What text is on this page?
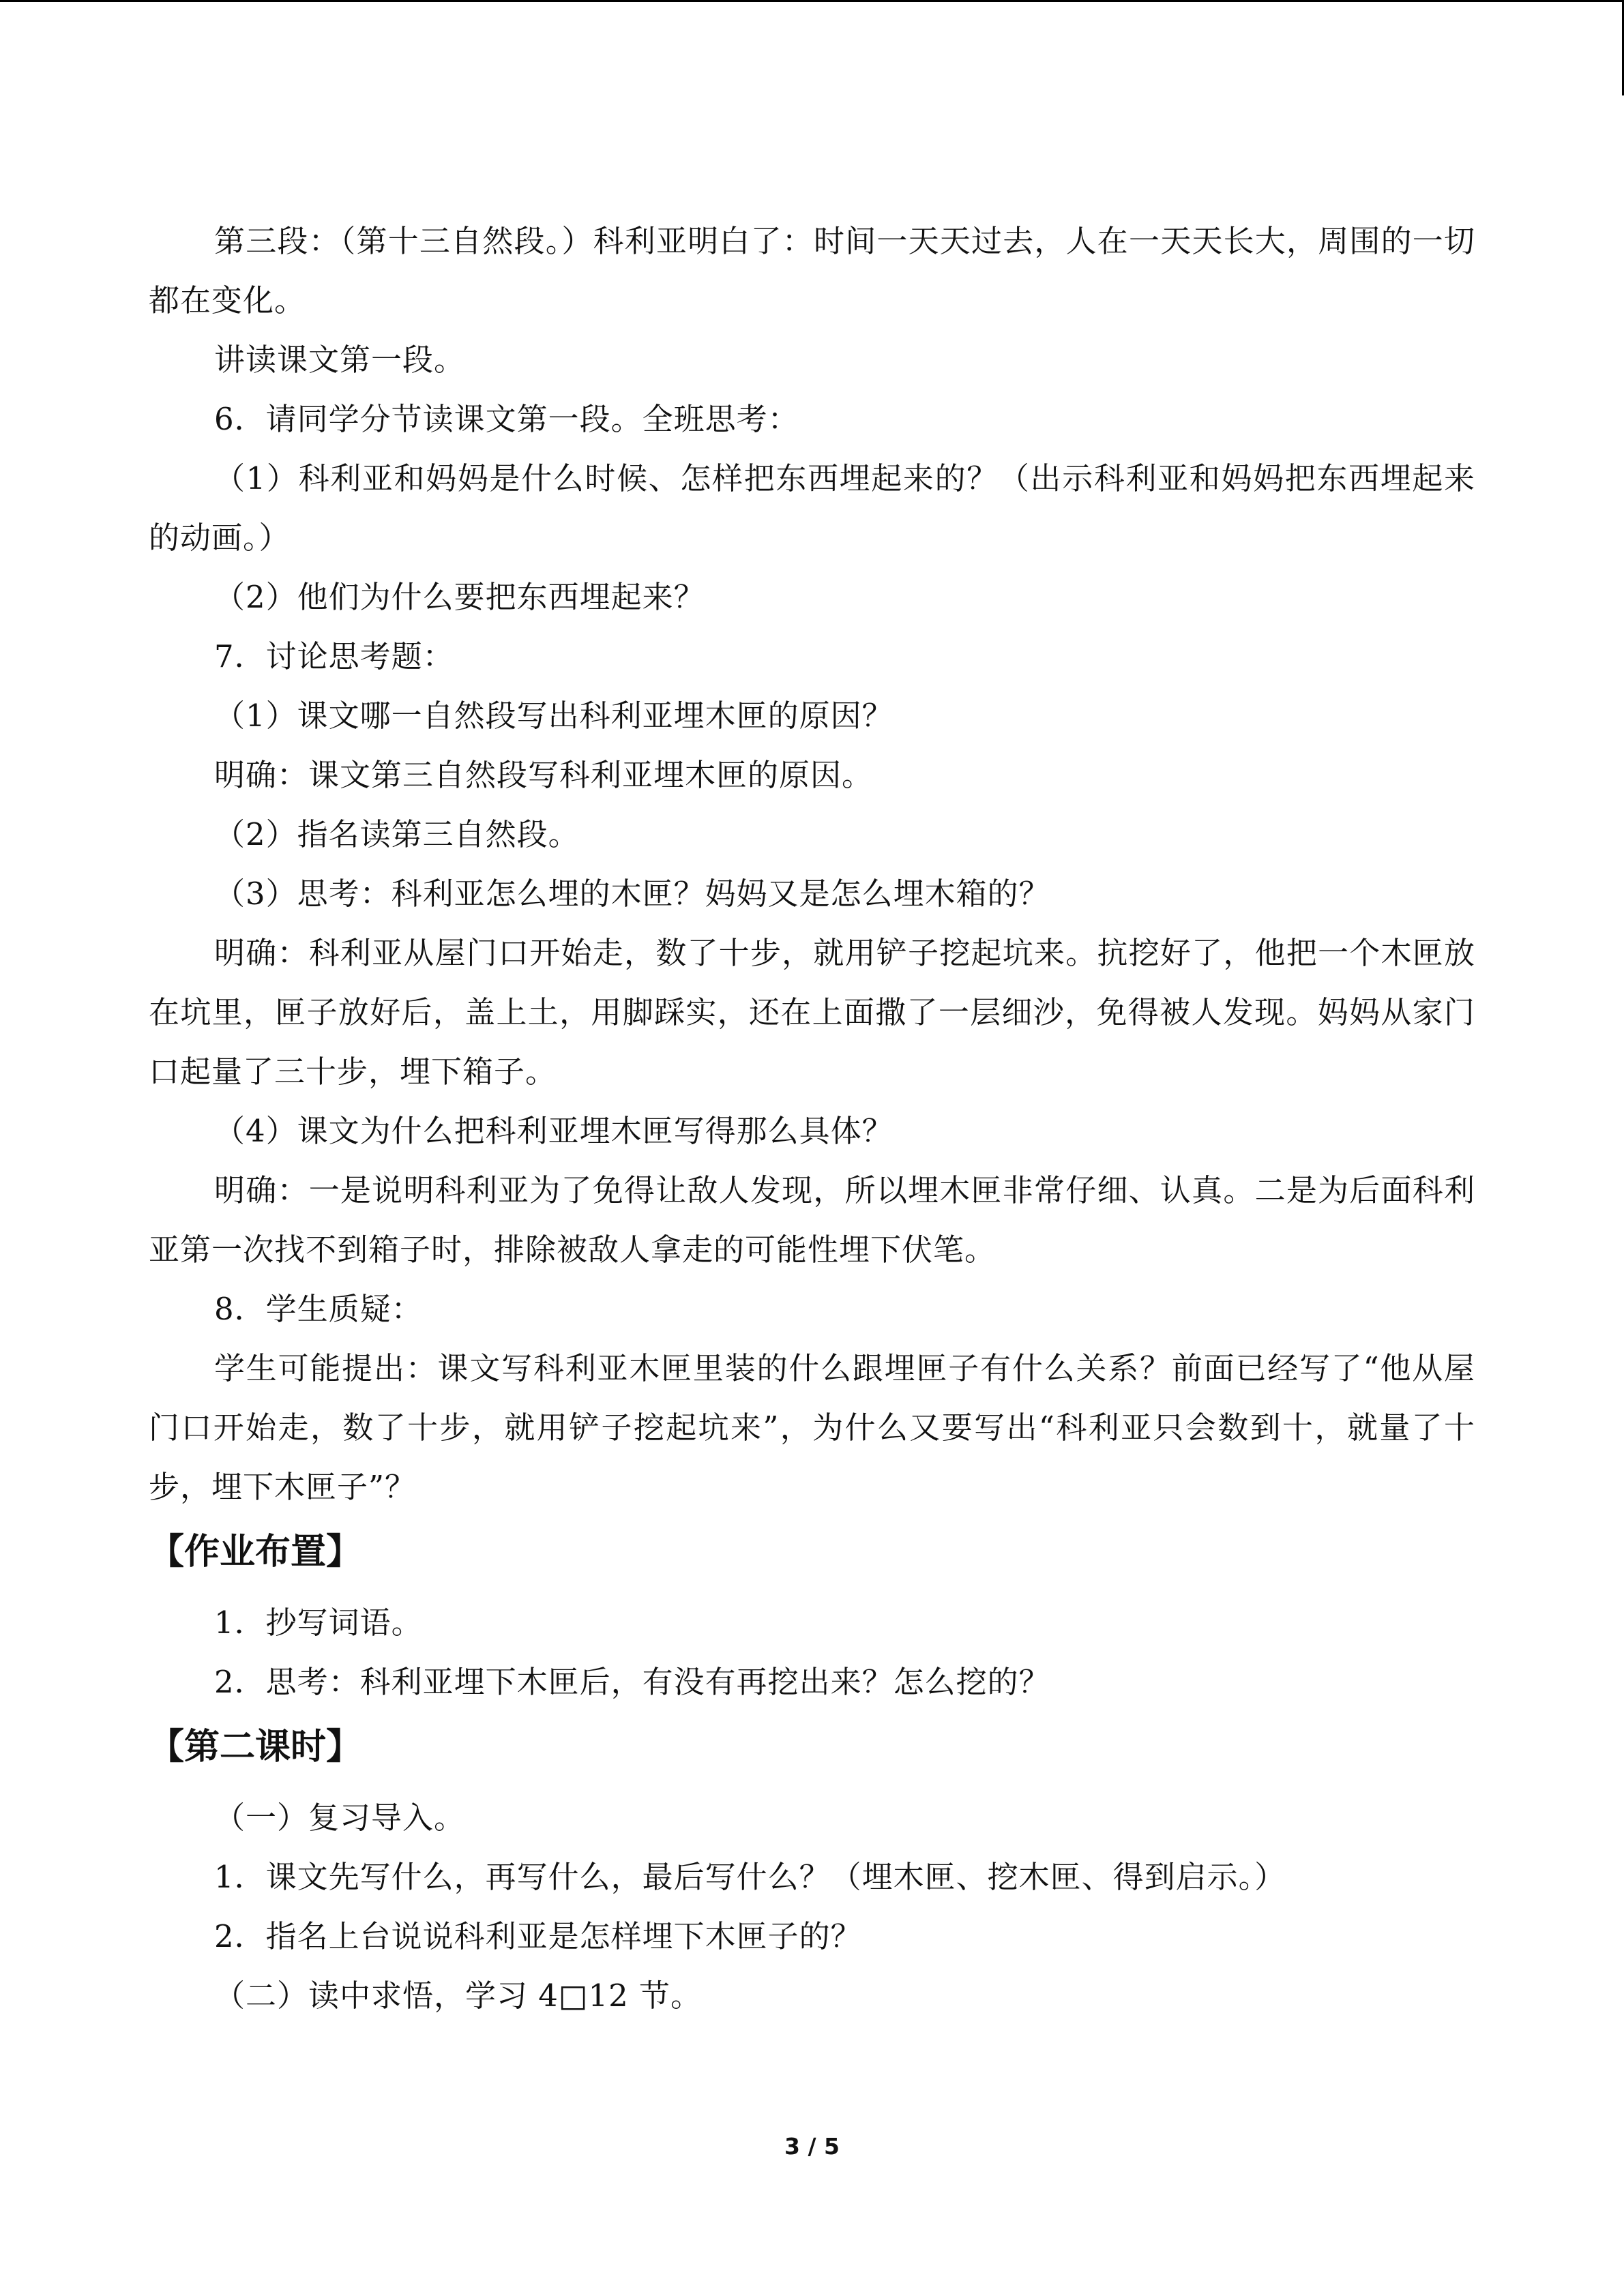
第三段：（第十三自然段。）科利亚明白了：时间一天天过去，人在一天天长大，周围的一切都在变化。

讲读课文第一段。

6．请同学分节读课文第一段。全班思考：

（1）科利亚和妈妈是什么时候、怎样把东西埋起来的？（出示科利亚和妈妈把东西埋起来的动画。）

（2）他们为什么要把东西埋起来？

7．讨论思考题：

（1）课文哪一自然段写出科利亚埋木匣的原因？

明确：课文第三自然段写科利亚埋木匣的原因。

（2）指名读第三自然段。

（3）思考：科利亚怎么埋的木匣？妈妈又是怎么埋木箱的？

明确：科利亚从屋门口开始走，数了十步，就用铲子挖起坑来。抗挖好了，他把一个木匣放在坑里，匣子放好后，盖上土，用脚踩实，还在上面撒了一层细沙，免得被人发现。妈妈从家门口起量了三十步，埋下箱子。

（4）课文为什么把科利亚埋木匣写得那么具体？

明确：一是说明科利亚为了免得让敌人发现，所以埋木匣非常仔细、认真。二是为后面科利亚第一次找不到箱子时，排除被敌人拿走的可能性埋下伏笔。

8．学生质疑：

学生可能提出：课文写科利亚木匣里装的什么跟埋匣子有什么关系？前面已经写了“他从屋门口开始走，数了十步，就用铲子挖起坑来”，为什么又要写出“科利亚只会数到十，就量了十步，埋下木匣子”？

【作业布置】

1．抄写词语。

2．思考：科利亚埋下木匣后，有没有再挖出来？怎么挖的？

【第二课时】

（一）复习导入。

1．课文先写什么，再写什么，最后写什么？（埋木匣、挖木匣、得到启示。）

2．指名上台说说科利亚是怎样埋下木匣子的？

（二）读中求悟，学习 4□12 节。

3 / 5
